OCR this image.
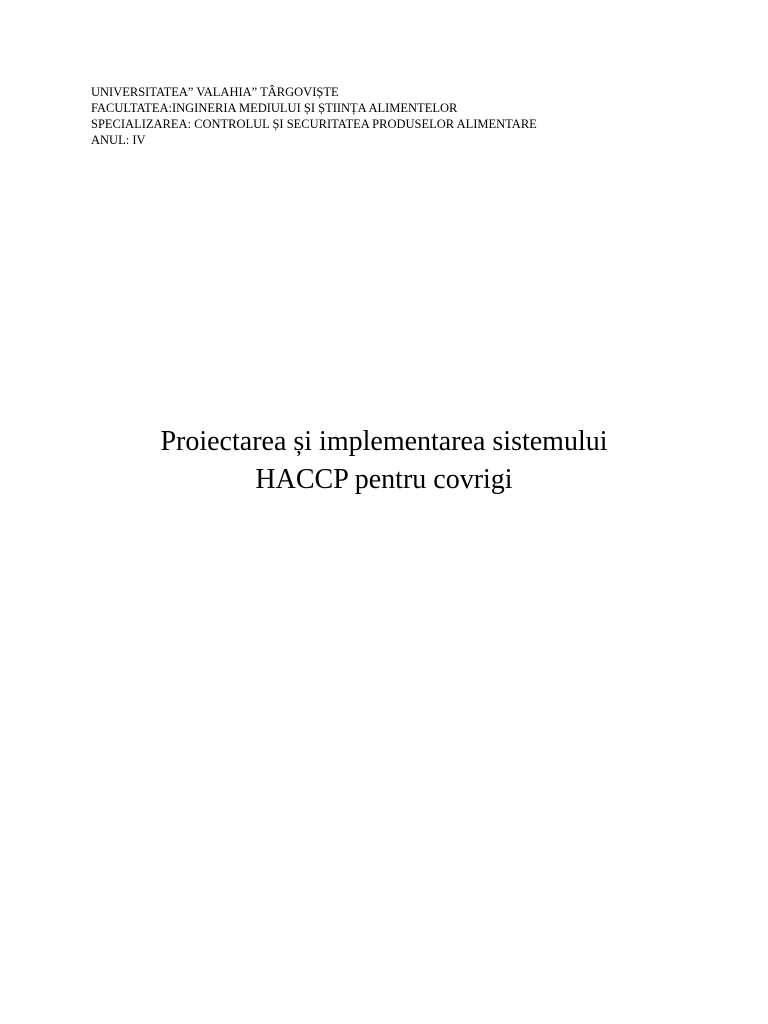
UNIVERSITATEA” VALAHIA” TÂRGOVIȘTE

FACULTATEA:INGINERIA MEDIULUI ȘI ȘTIINȚA ALIMENTELOR

SPECIALIZAREA: CONTROLUL ȘI SECURITATEA PRODUSELOR ALIMENTARE

ANUL: IV

Proiectarea și implementarea sistemului

HACCP pentru covrigi
